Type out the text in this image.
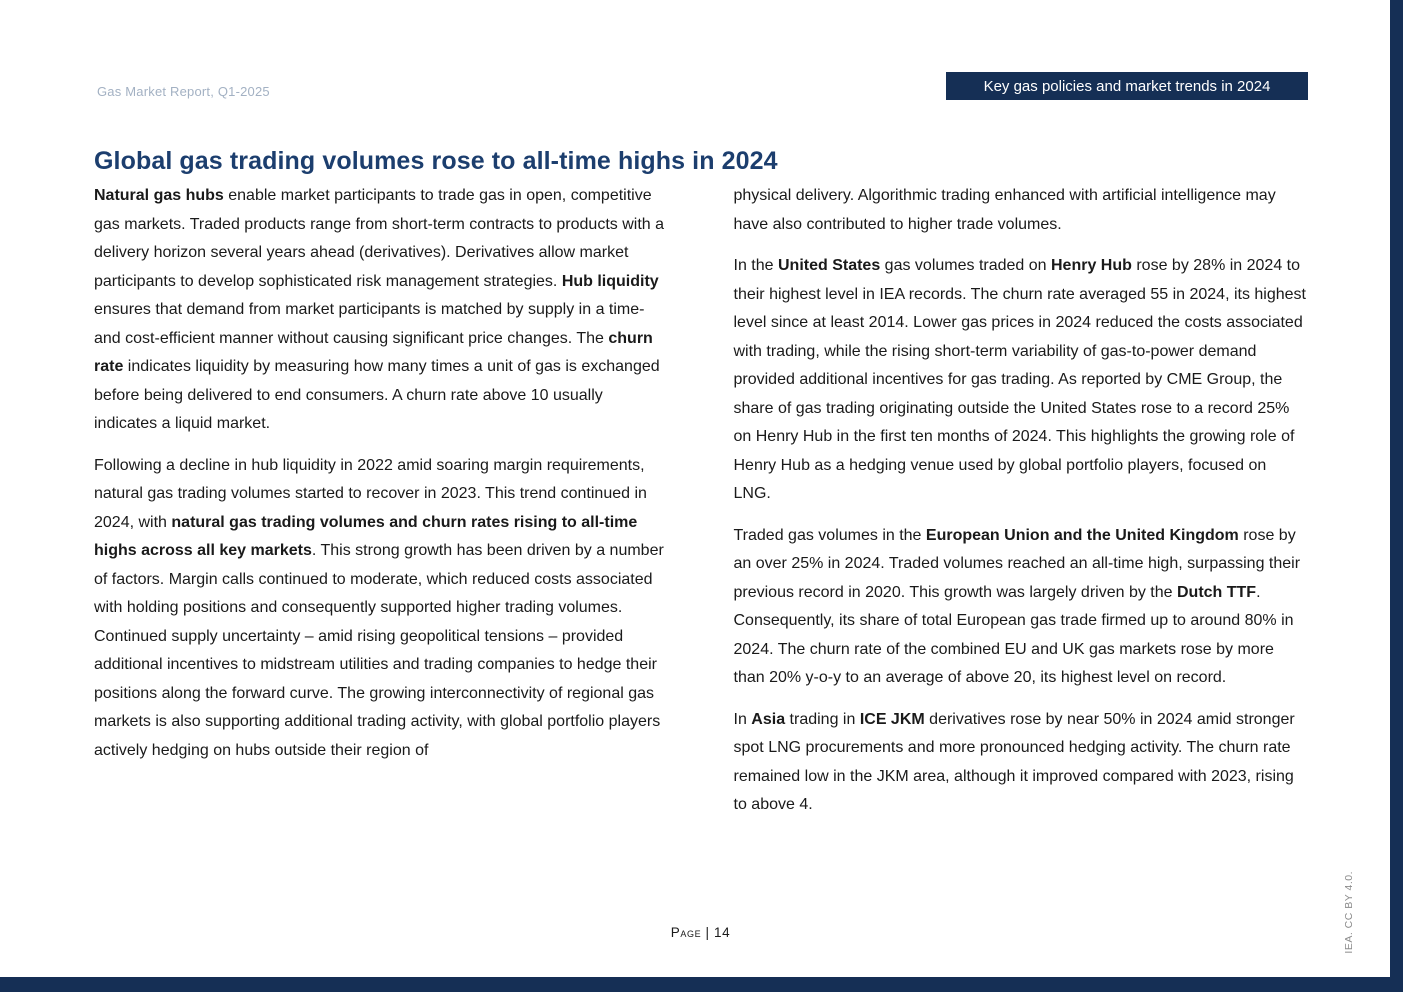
Gas Market Report, Q1-2025	Key gas policies and market trends in 2024
Global gas trading volumes rose to all-time highs in 2024

Natural gas hubs enable market participants to trade gas in open, competitive gas markets. Traded products range from short-term contracts to products with a delivery horizon several years ahead (derivatives). Derivatives allow market participants to develop sophisticated risk management strategies. Hub liquidity ensures that demand from market participants is matched by supply in a time- and cost-efficient manner without causing significant price changes. The churn rate indicates liquidity by measuring how many times a unit of gas is exchanged before being delivered to end consumers. A churn rate above 10 usually indicates a liquid market.

Following a decline in hub liquidity in 2022 amid soaring margin requirements, natural gas trading volumes started to recover in 2023. This trend continued in 2024, with natural gas trading volumes and churn rates rising to all-time highs across all key markets. This strong growth has been driven by a number of factors. Margin calls continued to moderate, which reduced costs associated with holding positions and consequently supported higher trading volumes. Continued supply uncertainty – amid rising geopolitical tensions – provided additional incentives to midstream utilities and trading companies to hedge their positions along the forward curve. The growing interconnectivity of regional gas markets is also supporting additional trading activity, with global portfolio players actively hedging on hubs outside their region of

physical delivery. Algorithmic trading enhanced with artificial intelligence may have also contributed to higher trade volumes.

In the United States gas volumes traded on Henry Hub rose by 28% in 2024 to their highest level in IEA records. The churn rate averaged 55 in 2024, its highest level since at least 2014. Lower gas prices in 2024 reduced the costs associated with trading, while the rising short-term variability of gas-to-power demand provided additional incentives for gas trading. As reported by CME Group, the share of gas trading originating outside the United States rose to a record 25% on Henry Hub in the first ten months of 2024. This highlights the growing role of Henry Hub as a hedging venue used by global portfolio players, focused on LNG.

Traded gas volumes in the European Union and the United Kingdom rose by an over 25% in 2024. Traded volumes reached an all-time high, surpassing their previous record in 2020. This growth was largely driven by the Dutch TTF. Consequently, its share of total European gas trade firmed up to around 80% in 2024. The churn rate of the combined EU and UK gas markets rose by more than 20% y-o-y to an average of above 20, its highest level on record.

In Asia trading in ICE JKM derivatives rose by near 50% in 2024 amid stronger spot LNG procurements and more pronounced hedging activity. The churn rate remained low in the JKM area, although it improved compared with 2023, rising to above 4.

Page | 14	IEA. CC BY 4.0.
